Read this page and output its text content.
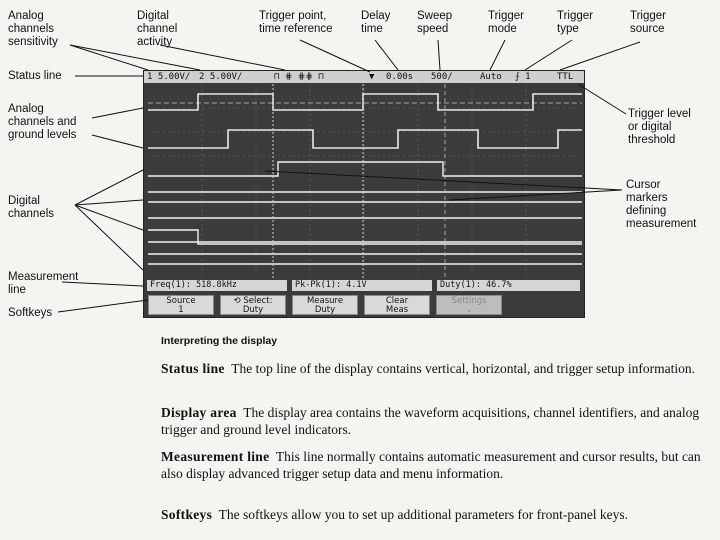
Analog
channels
sensitivity
Digital
channel
activity
Trigger point,
time reference
Delay
time
Sweep
speed
Trigger
mode
Trigger
type
Trigger
source
Status line
Analog
channels and
ground levels
Digital
channels
Measurement
line
Softkeys
Trigger level
or digital
threshold
Cursor
markers
defining
measurement
1 5.00V/ 2 5.00V/	⊓ ⋕ ⋕⋕ ⊓	▼ 0.00s 500/	Auto ⨍ 1	TTL
Freq(1): 518.8kHz	Pk-Pk(1): 4.1V	Duty(1): 46.7%
Source
1
⟲ Select:
Duty
Measure
Duty
Clear
Meas
Settings
⌄
Interpreting the display
Status line The top line of the display contains vertical, horizontal, and trigger setup information.
Display area The display area contains the waveform acquisitions, channel identifiers, and analog trigger and ground level indicators.
Measurement line This line normally contains automatic measurement and cursor results, but can also display advanced trigger setup data and menu information.
Softkeys The softkeys allow you to set up additional parameters for front-panel keys.
